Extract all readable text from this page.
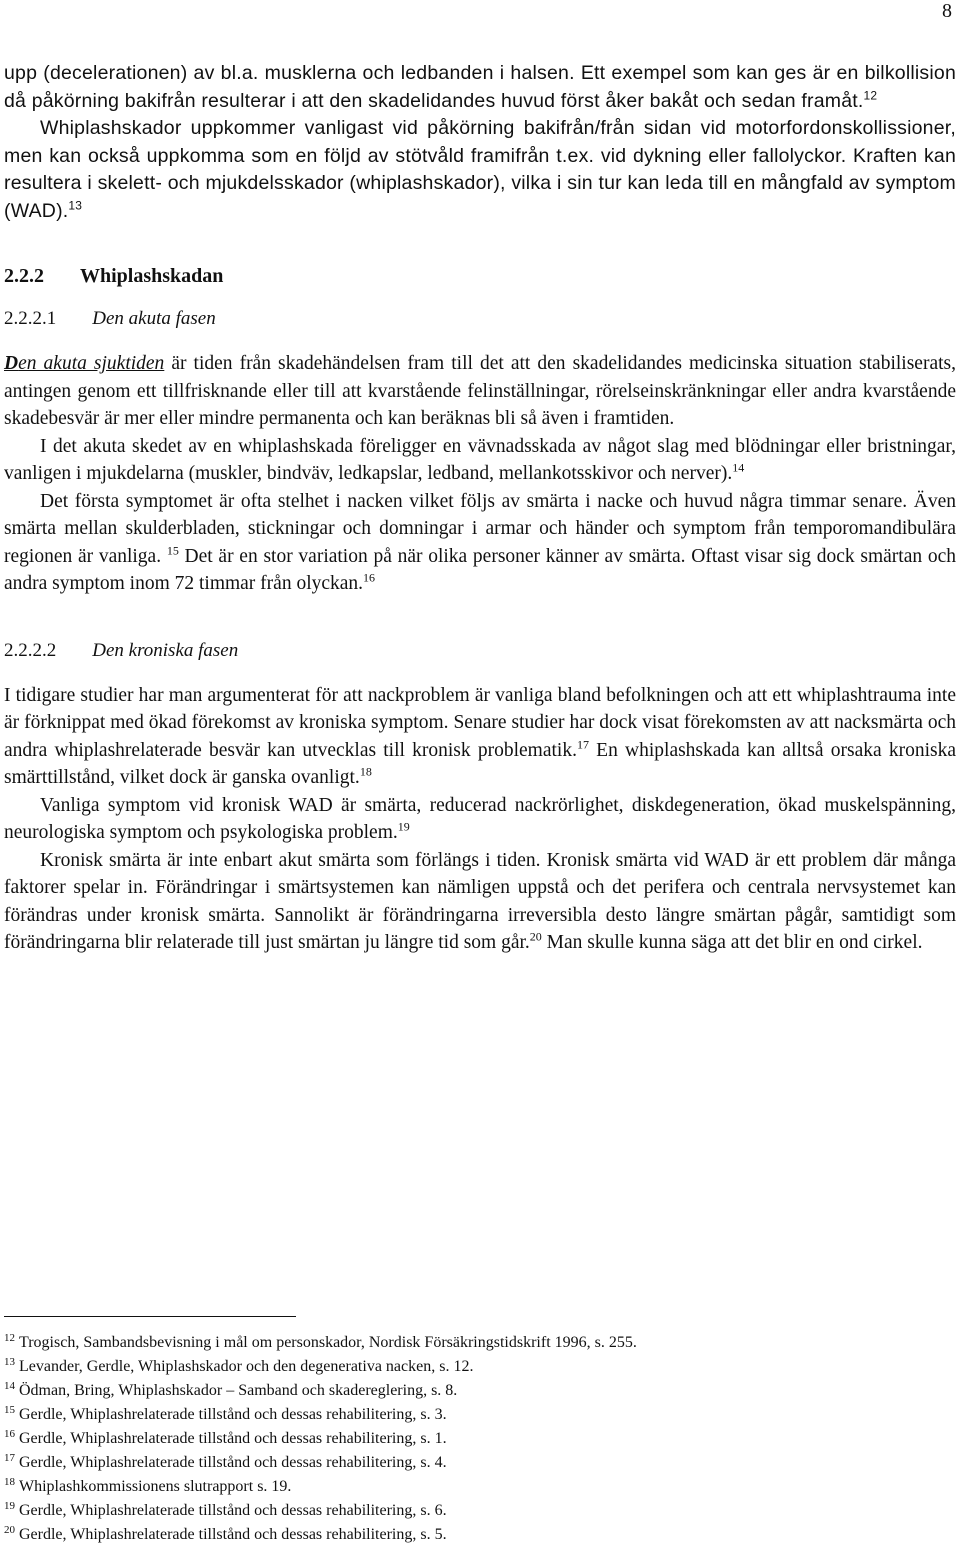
8

upp (decelerationen) av bl.a. musklerna och ledbanden i halsen. Ett exempel som kan ges är en bilkollision då påkörning bakifrån resulterar i att den skadelidandes huvud först åker bakåt och sedan framåt.$^{12}$

Whiplashskador uppkommer vanligast vid påkörning bakifrån/från sidan vid motorfordonskollissioner, men kan också uppkomma som en följd av stötvåld framifrån t.ex. vid dykning eller fallolyckor. Kraften kan resultera i skelett- och mjukdelsskador (whiplashskador), vilka i sin tur kan leda till en mångfald av symptom (WAD).$^{13}$

2.2.2 Whiplashskadan
2.2.2.1 Den akuta fasen

Den akuta sjuktiden är tiden från skadehändelsen fram till det att den skadelidandes medicinska situation stabiliserats, antingen genom ett tillfrisknande eller till att kvarstående felinställningar, rörelseinskränkningar eller andra kvarstående skadebesvär är mer eller mindre permanenta och kan beräknas bli så även i framtiden.

I det akuta skedet av en whiplashskada föreligger en vävnadsskada av något slag med blödningar eller bristningar, vanligen i mjukdelarna (muskler, bindväv, ledkapslar, ledband, mellankotsskivor och nerver).$^{14}$

Det första symptomet är ofta stelhet i nacken vilket följs av smärta i nacke och huvud några timmar senare. Även smärta mellan skulderbladen, stickningar och domningar i armar och händer och symptom från temporomandibulära regionen är vanliga. $^{15}$ Det är en stor variation på när olika personer känner av smärta. Oftast visar sig dock smärtan och andra symptom inom 72 timmar från olyckan.$^{16}$

2.2.2.2 Den kroniska fasen

I tidigare studier har man argumenterat för att nackproblem är vanliga bland befolkningen och att ett whiplashtrauma inte är förknippat med ökad förekomst av kroniska symptom. Senare studier har dock visat förekomsten av att nacksmärta och andra whiplashrelaterade besvär kan utvecklas till kronisk problematik.$^{17}$ En whiplashskada kan alltså orsaka kroniska smärttillstånd, vilket dock är ganska ovanligt.$^{18}$

Vanliga symptom vid kronisk WAD är smärta, reducerad nackrörlighet, diskdegeneration, ökad muskelspänning, neurologiska symptom och psykologiska problem.$^{19}$

Kronisk smärta är inte enbart akut smärta som förlängs i tiden. Kronisk smärta vid WAD är ett problem där många faktorer spelar in. Förändringar i smärtsystemen kan nämligen uppstå och det perifera och centrala nervsystemet kan förändras under kronisk smärta. Sannolikt är förändringarna irreversibla desto längre smärtan pågår, samtidigt som förändringarna blir relaterade till just smärtan ju längre tid som går.$^{20}$ Man skulle kunna säga att det blir en ond cirkel.

$^{12}$ Trogisch, Sambandsbevisning i mål om personskador, Nordisk Försäkringstidskrift 1996, s. 255.
$^{13}$ Levander, Gerdle, Whiplashskador och den degenerativa nacken, s. 12.
$^{14}$ Ödman, Bring, Whiplashskador – Samband och skadereglering, s. 8.
$^{15}$ Gerdle, Whiplashrelaterade tillstånd och dessas rehabilitering, s. 3.
$^{16}$ Gerdle, Whiplashrelaterade tillstånd och dessas rehabilitering, s. 1.
$^{17}$ Gerdle, Whiplashrelaterade tillstånd och dessas rehabilitering, s. 4.
$^{18}$ Whiplashkommissionens slutrapport s. 19.
$^{19}$ Gerdle, Whiplashrelaterade tillstånd och dessas rehabilitering, s. 6.
$^{20}$ Gerdle, Whiplashrelaterade tillstånd och dessas rehabilitering, s. 5.
